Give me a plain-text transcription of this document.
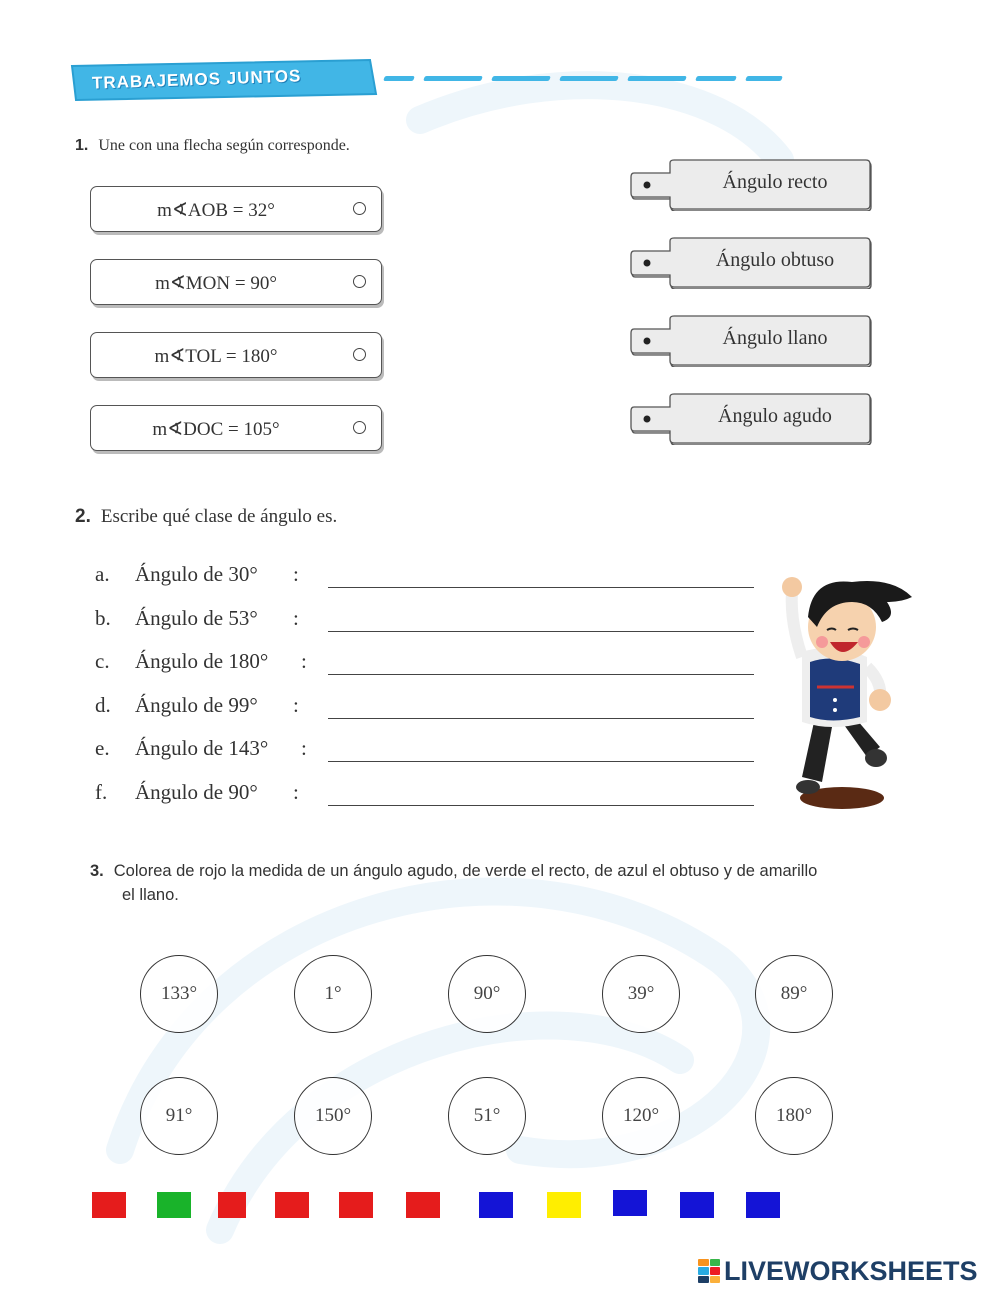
TRABAJEMOS JUNTOS
1. Une con una flecha según corresponde.
m∢AOB = 32°
m∢MON = 90°
m∢TOL = 180°
m∢DOC = 105°
Ángulo recto
Ángulo obtuso
Ángulo llano
Ángulo agudo
2. Escribe qué clase de ángulo es.
a.	Ángulo de 30° :
b.	Ángulo de 53° :
c.	Ángulo de 180° :
d.	Ángulo de 99° :
e.	Ángulo de 143° :
f.	Ángulo de 90° :
3. Colorea de rojo la medida de un ángulo agudo, de verde el recto, de azul el obtuso y de amarillo
el llano.
133°	1°	90°	39°	89°
91°	150°	51°	120°	180°
LIVEWORKSHEETS
